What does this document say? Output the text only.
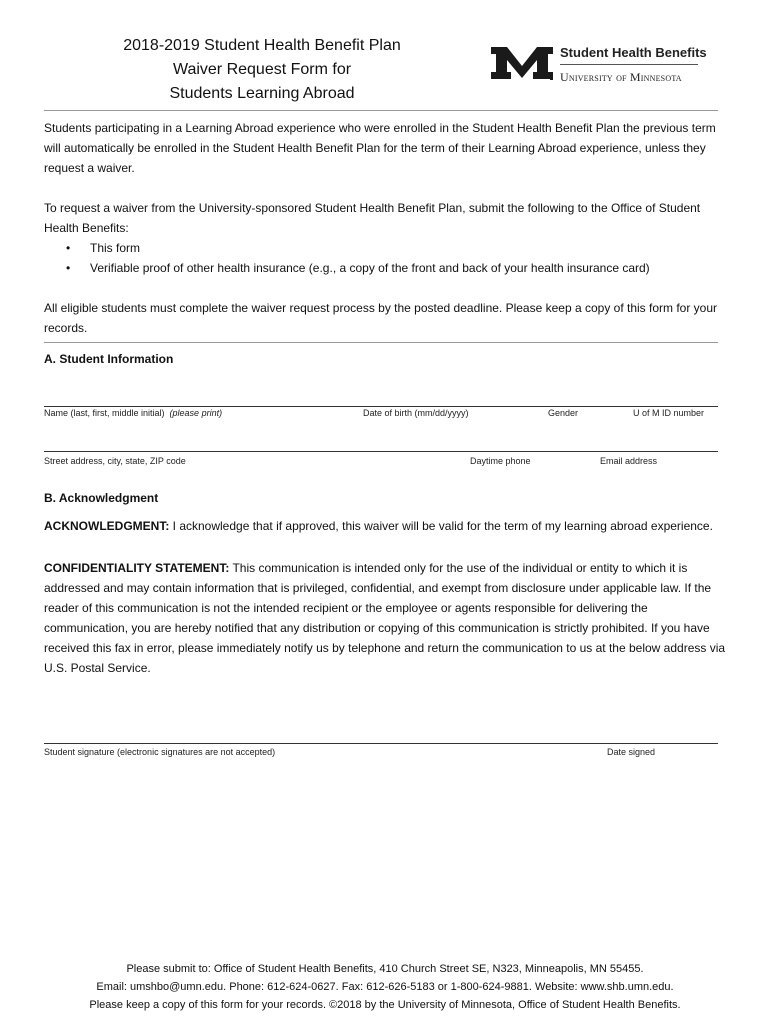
2018-2019 Student Health Benefit Plan
Waiver Request Form for
Students Learning Abroad
Student Health Benefits
University of Minnesota
Students participating in a Learning Abroad experience who were enrolled in the Student Health Benefit Plan the previous term will automatically be enrolled in the Student Health Benefit Plan for the term of their Learning Abroad experience, unless they request a waiver.
To request a waiver from the University-sponsored Student Health Benefit Plan, submit the following to the Office of Student Health Benefits:
• This form
• Verifiable proof of other health insurance (e.g., a copy of the front and back of your health insurance card)
All eligible students must complete the waiver request process by the posted deadline. Please keep a copy of this form for your records.
A. Student Information
Name (last, first, middle initial) (please print)	Date of birth (mm/dd/yyyy)	Gender	U of M ID number
Street address, city, state, ZIP code	Daytime phone	Email address
B. Acknowledgment
ACKNOWLEDGMENT: I acknowledge that if approved, this waiver will be valid for the term of my learning abroad experience.
CONFIDENTIALITY STATEMENT: This communication is intended only for the use of the individual or entity to which it is addressed and may contain information that is privileged, confidential, and exempt from disclosure under applicable law. If the reader of this communication is not the intended recipient or the employee or agents responsible for delivering the communication, you are hereby notified that any distribution or copying of this communication is strictly prohibited. If you have received this fax in error, please immediately notify us by telephone and return the communication to us at the below address via U.S. Postal Service.
Student signature (electronic signatures are not accepted)	Date signed
Please submit to: Office of Student Health Benefits, 410 Church Street SE, N323, Minneapolis, MN 55455.
Email: umshbo@umn.edu. Phone: 612-624-0627. Fax: 612-626-5183 or 1-800-624-9881. Website: www.shb.umn.edu.
Please keep a copy of this form for your records. ©2018 by the University of Minnesota, Office of Student Health Benefits.
